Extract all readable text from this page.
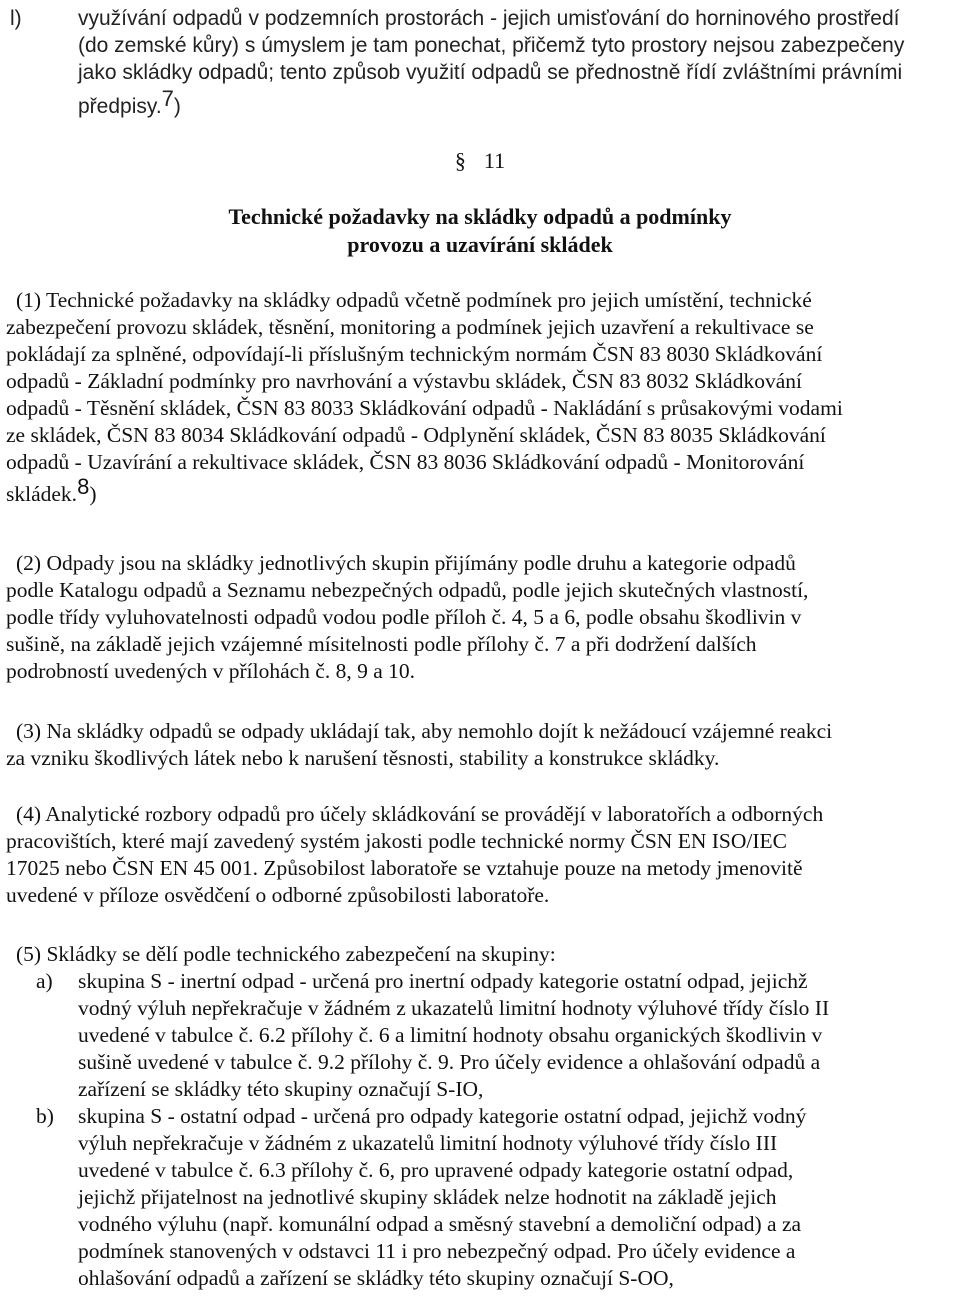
l)	využívání odpadů v podzemních prostorách - jejich umisťování do horninového prostředí
(do zemské kůry) s úmyslem je tam ponechat, přičemž tyto prostory nejsou zabezpečeny
jako skládky odpadů; tento způsob využití odpadů se přednostně řídí zvláštními právními
předpisy.7)
§ 11
Technické požadavky na skládky odpadů a podmínky
provozu a uzavírání skládek
(1) Technické požadavky na skládky odpadů včetně podmínek pro jejich umístění, technické
zabezpečení provozu skládek, těsnění, monitoring a podmínek jejich uzavření a rekultivace se
pokládají za splněné, odpovídají-li příslušným technickým normám ČSN 83 8030 Skládkování
odpadů - Základní podmínky pro navrhování a výstavbu skládek, ČSN 83 8032 Skládkování
odpadů - Těsnění skládek, ČSN 83 8033 Skládkování odpadů - Nakládání s průsakovými vodami
ze skládek, ČSN 83 8034 Skládkování odpadů - Odplynění skládek, ČSN 83 8035 Skládkování
odpadů - Uzavírání a rekultivace skládek, ČSN 83 8036 Skládkování odpadů - Monitorování
skládek.8)
(2) Odpady jsou na skládky jednotlivých skupin přijímány podle druhu a kategorie odpadů
podle Katalogu odpadů a Seznamu nebezpečných odpadů, podle jejich skutečných vlastností,
podle třídy vyluhovatelnosti odpadů vodou podle příloh č. 4, 5 a 6, podle obsahu škodlivin v
sušině, na základě jejich vzájemné mísitelnosti podle přílohy č. 7 a při dodržení dalších
podrobností uvedených v přílohách č. 8, 9 a 10.
(3) Na skládky odpadů se odpady ukládají tak, aby nemohlo dojít k nežádoucí vzájemné reakci
za vzniku škodlivých látek nebo k narušení těsnosti, stability a konstrukce skládky.
(4) Analytické rozbory odpadů pro účely skládkování se provádějí v laboratořích a odborných
pracovištích, které mají zavedený systém jakosti podle technické normy ČSN EN ISO/IEC
17025 nebo ČSN EN 45 001. Způsobilost laboratoře se vztahuje pouze na metody jmenovitě
uvedené v příloze osvědčení o odborné způsobilosti laboratoře.
(5) Skládky se dělí podle technického zabezpečení na skupiny:
a) skupina S - inertní odpad - určená pro inertní odpady kategorie ostatní odpad, jejichž
vodný výluh nepřekračuje v žádném z ukazatelů limitní hodnoty výluhové třídy číslo II
uvedené v tabulce č. 6.2 přílohy č. 6 a limitní hodnoty obsahu organických škodlivin v
sušině uvedené v tabulce č. 9.2 přílohy č. 9. Pro účely evidence a ohlašování odpadů a
zařízení se skládky této skupiny označují S-IO,
b) skupina S - ostatní odpad - určená pro odpady kategorie ostatní odpad, jejichž vodný
výluh nepřekračuje v žádném z ukazatelů limitní hodnoty výluhové třídy číslo III
uvedené v tabulce č. 6.3 přílohy č. 6, pro upravené odpady kategorie ostatní odpad,
jejichž přijatelnost na jednotlivé skupiny skládek nelze hodnotit na základě jejich
vodného výluhu (např. komunální odpad a směsný stavební a demoliční odpad) a za
podmínek stanovených v odstavci 11 i pro nebezpečný odpad. Pro účely evidence a
ohlašování odpadů a zařízení se skládky této skupiny označují S-OO,
